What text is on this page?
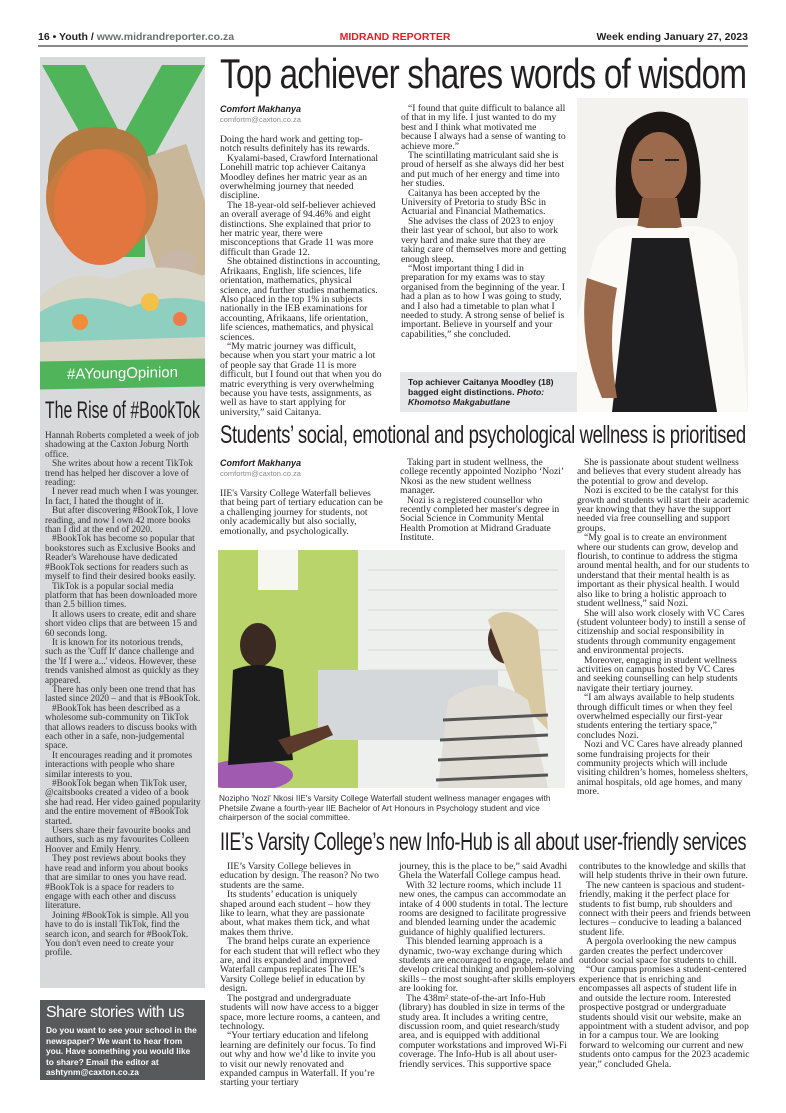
16 • Youth / www.midrandreporter.co.za	MIDRAND REPORTER	Week ending January 27, 2023
#AYoungOpinion
The Rise of #BookTok

Hannah Roberts completed a week of job shadowing at the Caxton Joburg North office.

She writes about how a recent TikTok trend has helped her discover a love of reading:

I never read much when I was younger. In fact, I hated the thought of it.

But after discovering #BookTok, I love reading, and now I own 42 more books than I did at the end of 2020.

#BookTok has become so popular that bookstores such as Exclusive Books and Reader's Warehouse have dedicated #BookTok sections for readers such as myself to find their desired books easily.

TikTok is a popular social media platform that has been downloaded more than 2.5 billion times.

It allows users to create, edit and share short video clips that are between 15 and 60 seconds long.

It is known for its notorious trends, such as the 'Cuff It' dance challenge and the 'If I were a...' videos. However, these trends vanished almost as quickly as they appeared.

There has only been one trend that has lasted since 2020 – and that is #BookTok.

#BookTok has been described as a wholesome sub-community on TikTok that allows readers to discuss books with each other in a safe, non-judgemental space.

It encourages reading and it promotes interactions with people who share similar interests to you.

#BookTok began when TikTok user, @caitsbooks created a video of a book she had read. Her video gained popularity and the entire movement of #BookTok started.

Users share their favourite books and authors, such as my favourites Colleen Hoover and Emily Henry.

They post reviews about books they have read and inform you about books that are similar to ones you have read. #BookTok is a space for readers to engage with each other and discuss literature.

Joining #BookTok is simple. All you have to do is install TikTok, find the search icon, and search for #BookTok. You don't even need to create your profile.

Share stories with us
Do you want to see your school in the newspaper? We want to hear from you. Have something you would like to share? Email the editor at ashtynm@caxton.co.za
Top achiever shares words of wisdom
Comfort Makhanya
comfortm@caxton.co.za

Doing the hard work and getting top-notch results definitely has its rewards.

Kyalami-based, Crawford International Lonehill matric top achiever Caitanya Moodley defines her matric year as an overwhelming journey that needed discipline.

The 18-year-old self-believer achieved an overall average of 94.46% and eight distinctions. She explained that prior to her matric year, there were misconceptions that Grade 11 was more difficult than Grade 12.

She obtained distinctions in accounting, Afrikaans, English, life sciences, life orientation, mathematics, physical science, and further studies mathematics. Also placed in the top 1% in subjects nationally in the IEB examinations for accounting, Afrikaans, life orientation, life sciences, mathematics, and physical sciences.

“My matric journey was difficult, because when you start your matric a lot of people say that Grade 11 is more difficult, but I found out that when you do matric everything is very overwhelming because you have tests, assignments, as well as have to start applying for university,” said Caitanya.

“I found that quite difficult to balance all of that in my life. I just wanted to do my best and I think what motivated me because I always had a sense of wanting to achieve more.”

The scintillating matriculant said she is proud of herself as she always did her best and put much of her energy and time into her studies.

Caitanya has been accepted by the University of Pretoria to study BSc in Actuarial and Financial Mathematics.

She advises the class of 2023 to enjoy their last year of school, but also to work very hard and make sure that they are taking care of themselves more and getting enough sleep.

“Most important thing I did in preparation for my exams was to stay organised from the beginning of the year. I had a plan as to how I was going to study, and I also had a timetable to plan what I needed to study. A strong sense of belief is important. Believe in yourself and your capabilities,” she concluded.

Top achiever Caitanya Moodley (18) bagged eight distinctions. Photo: Khomotso Makgabutlane
Students’ social, emotional and psychological wellness is prioritised
Comfort Makhanya
comfortm@caxton.co.za

IIE's Varsity College Waterfall believes that being part of tertiary education can be a challenging journey for students, not only academically but also socially, emotionally, and psychologically.

Taking part in student wellness, the college recently appointed Nozipho ‘Nozi’ Nkosi as the new student wellness manager.

Nozi is a registered counsellor who recently completed her master's degree in Social Science in Community Mental Health Promotion at Midrand Graduate Institute.

She is passionate about student wellness and believes that every student already has the potential to grow and develop.

Nozi is excited to be the catalyst for this growth and students will start their academic year knowing that they have the support needed via free counselling and support groups.

“My goal is to create an environment where our students can grow, develop and flourish, to continue to address the stigma around mental health, and for our students to understand that their mental health is as important as their physical health. I would also like to bring a holistic approach to student wellness,” said Nozi.

She will also work closely with VC Cares (student volunteer body) to instill a sense of citizenship and social responsibility in students through community engagement and environmental projects.

Moreover, engaging in student wellness activities on campus hosted by VC Cares and seeking counselling can help students navigate their tertiary journey.

“I am always available to help students through difficult times or when they feel overwhelmed especially our first-year students entering the tertiary space,” concludes Nozi.

Nozi and VC Cares have already planned some fundraising projects for their community projects which will include visiting children’s homes, homeless shelters, animal hospitals, old age homes, and many more.

Nozipho 'Nozi' Nkosi IIE's Varsity College Waterfall student wellness manager engages with Phetsile Zwane a fourth-year IIE Bachelor of Art Honours in Psychology student and vice chairperson of the social committee.
IIE’s Varsity College’s new Info-Hub is all about user-friendly services

IIE’s Varsity College believes in education by design. The reason? No two students are the same.

Its students’ education is uniquely shaped around each student – how they like to learn, what they are passionate about, what makes them tick, and what makes them thrive.

The brand helps curate an experience for each student that will reflect who they are, and its expanded and improved Waterfall campus replicates The IIE’s Varsity College belief in education by design.

The postgrad and undergraduate students will now have access to a bigger space, more lecture rooms, a canteen, and technology.

“Your tertiary education and lifelong learning are definitely our focus. To find out why and how we’d like to invite you to visit our newly renovated and expanded campus in Waterfall. If you’re starting your tertiary

journey, this is the place to be,” said Avadhi Ghela the Waterfall College campus head.

With 32 lecture rooms, which include 11 new ones, the campus can accommodate an intake of 4 000 students in total. The lecture rooms are designed to facilitate progressive and blended learning under the academic guidance of highly qualified lecturers.

This blended learning approach is a dynamic, two-way exchange during which students are encouraged to engage, relate and develop critical thinking and problem-solving skills – the most sought-after skills employers are looking for.

The 438m² state-of-the-art Info-Hub (library) has doubled in size in terms of the study area. It includes a writing centre, discussion room, and quiet research/study area, and is equipped with additional computer workstations and improved Wi-Fi coverage. The Info-Hub is all about user-friendly services. This supportive space

contributes to the knowledge and skills that will help students thrive in their own future.

The new canteen is spacious and student-friendly, making it the perfect place for students to fist bump, rub shoulders and connect with their peers and friends between lectures – conducive to leading a balanced student life.

A pergola overlooking the new campus garden creates the perfect undercover outdoor social space for students to chill.

“Our campus promises a student-centered experience that is enriching and encompasses all aspects of student life in and outside the lecture room. Interested prospective postgrad or undergraduate students should visit our website, make an appointment with a student advisor, and pop in for a campus tour. We are looking forward to welcoming our current and new students onto campus for the 2023 academic year,” concluded Ghela.
